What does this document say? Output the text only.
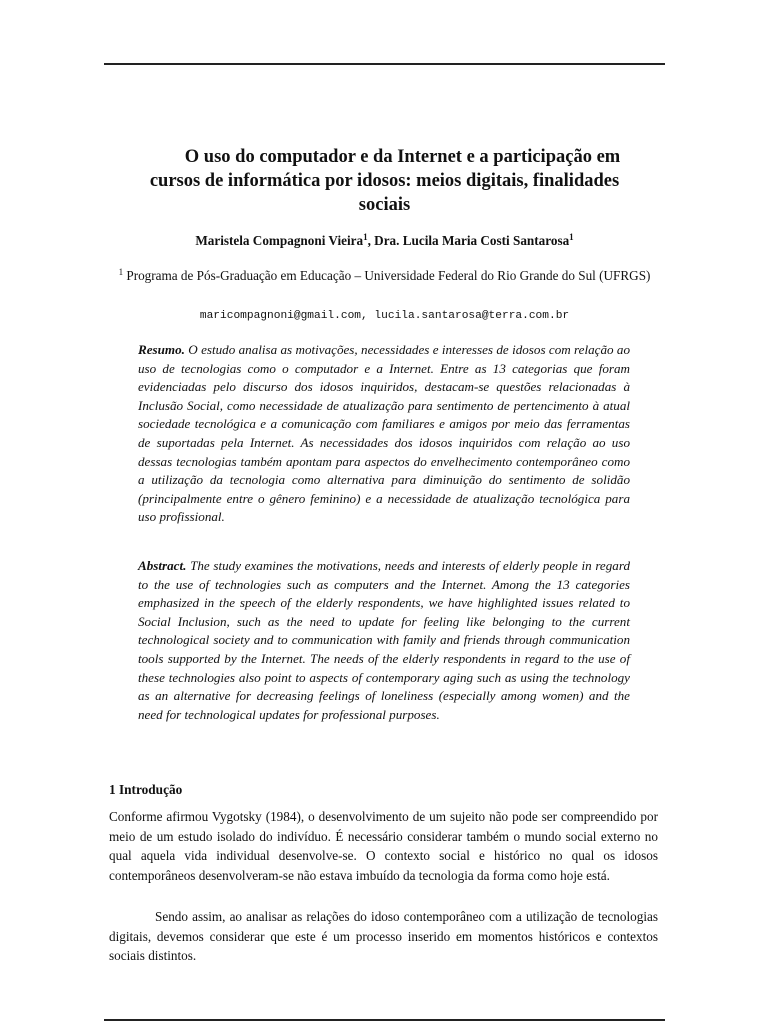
O uso do computador e da Internet e a participação em
cursos de informática por idosos: meios digitais, finalidades
sociais
Maristela Compagnoni Vieira$^1$, Dra. Lucila Maria Costi Santarosa$^1$
$^1$ Programa de Pós-Graduação em Educação – Universidade Federal do Rio Grande do Sul (UFRGS)
maricompagnoni@gmail.com, lucila.santarosa@terra.com.br

Resumo. O estudo analisa as motivações, necessidades e interesses de idosos com relação ao uso de tecnologias como o computador e a Internet. Entre as 13 categorias que foram evidenciadas pelo discurso dos idosos inquiridos, destacam-se questões relacionadas à Inclusão Social, como necessidade de atualização para sentimento de pertencimento à atual sociedade tecnológica e a comunicação com familiares e amigos por meio das ferramentas de suportadas pela Internet. As necessidades dos idosos inquiridos com relação ao uso dessas tecnologias também apontam para aspectos do envelhecimento contemporâneo como a utilização da tecnologia como alternativa para diminuição do sentimento de solidão (principalmente entre o gênero feminino) e a necessidade de atualização tecnológica para uso profissional.

Abstract. The study examines the motivations, needs and interests of elderly people in regard to the use of technologies such as computers and the Internet. Among the 13 categories emphasized in the speech of the elderly respondents, we have highlighted issues related to Social Inclusion, such as the need to update for feeling like belonging to the current technological society and to communication with family and friends through communication tools supported by the Internet. The needs of the elderly respondents in regard to the use of these technologies also point to aspects of contemporary aging such as using the technology as an alternative for decreasing feelings of loneliness (especially among women) and the need for technological updates for professional purposes.

1 Introdução

Conforme afirmou Vygotsky (1984), o desenvolvimento de um sujeito não pode ser compreendido por meio de um estudo isolado do indivíduo. É necessário considerar também o mundo social externo no qual aquela vida individual desenvolve-se. O contexto social e histórico no qual os idosos contemporâneos desenvolveram-se não estava imbuído da tecnologia da forma como hoje está.

Sendo assim, ao analisar as relações do idoso contemporâneo com a utilização de tecnologias digitais, devemos considerar que este é um processo inserido em momentos históricos e contextos sociais distintos.
